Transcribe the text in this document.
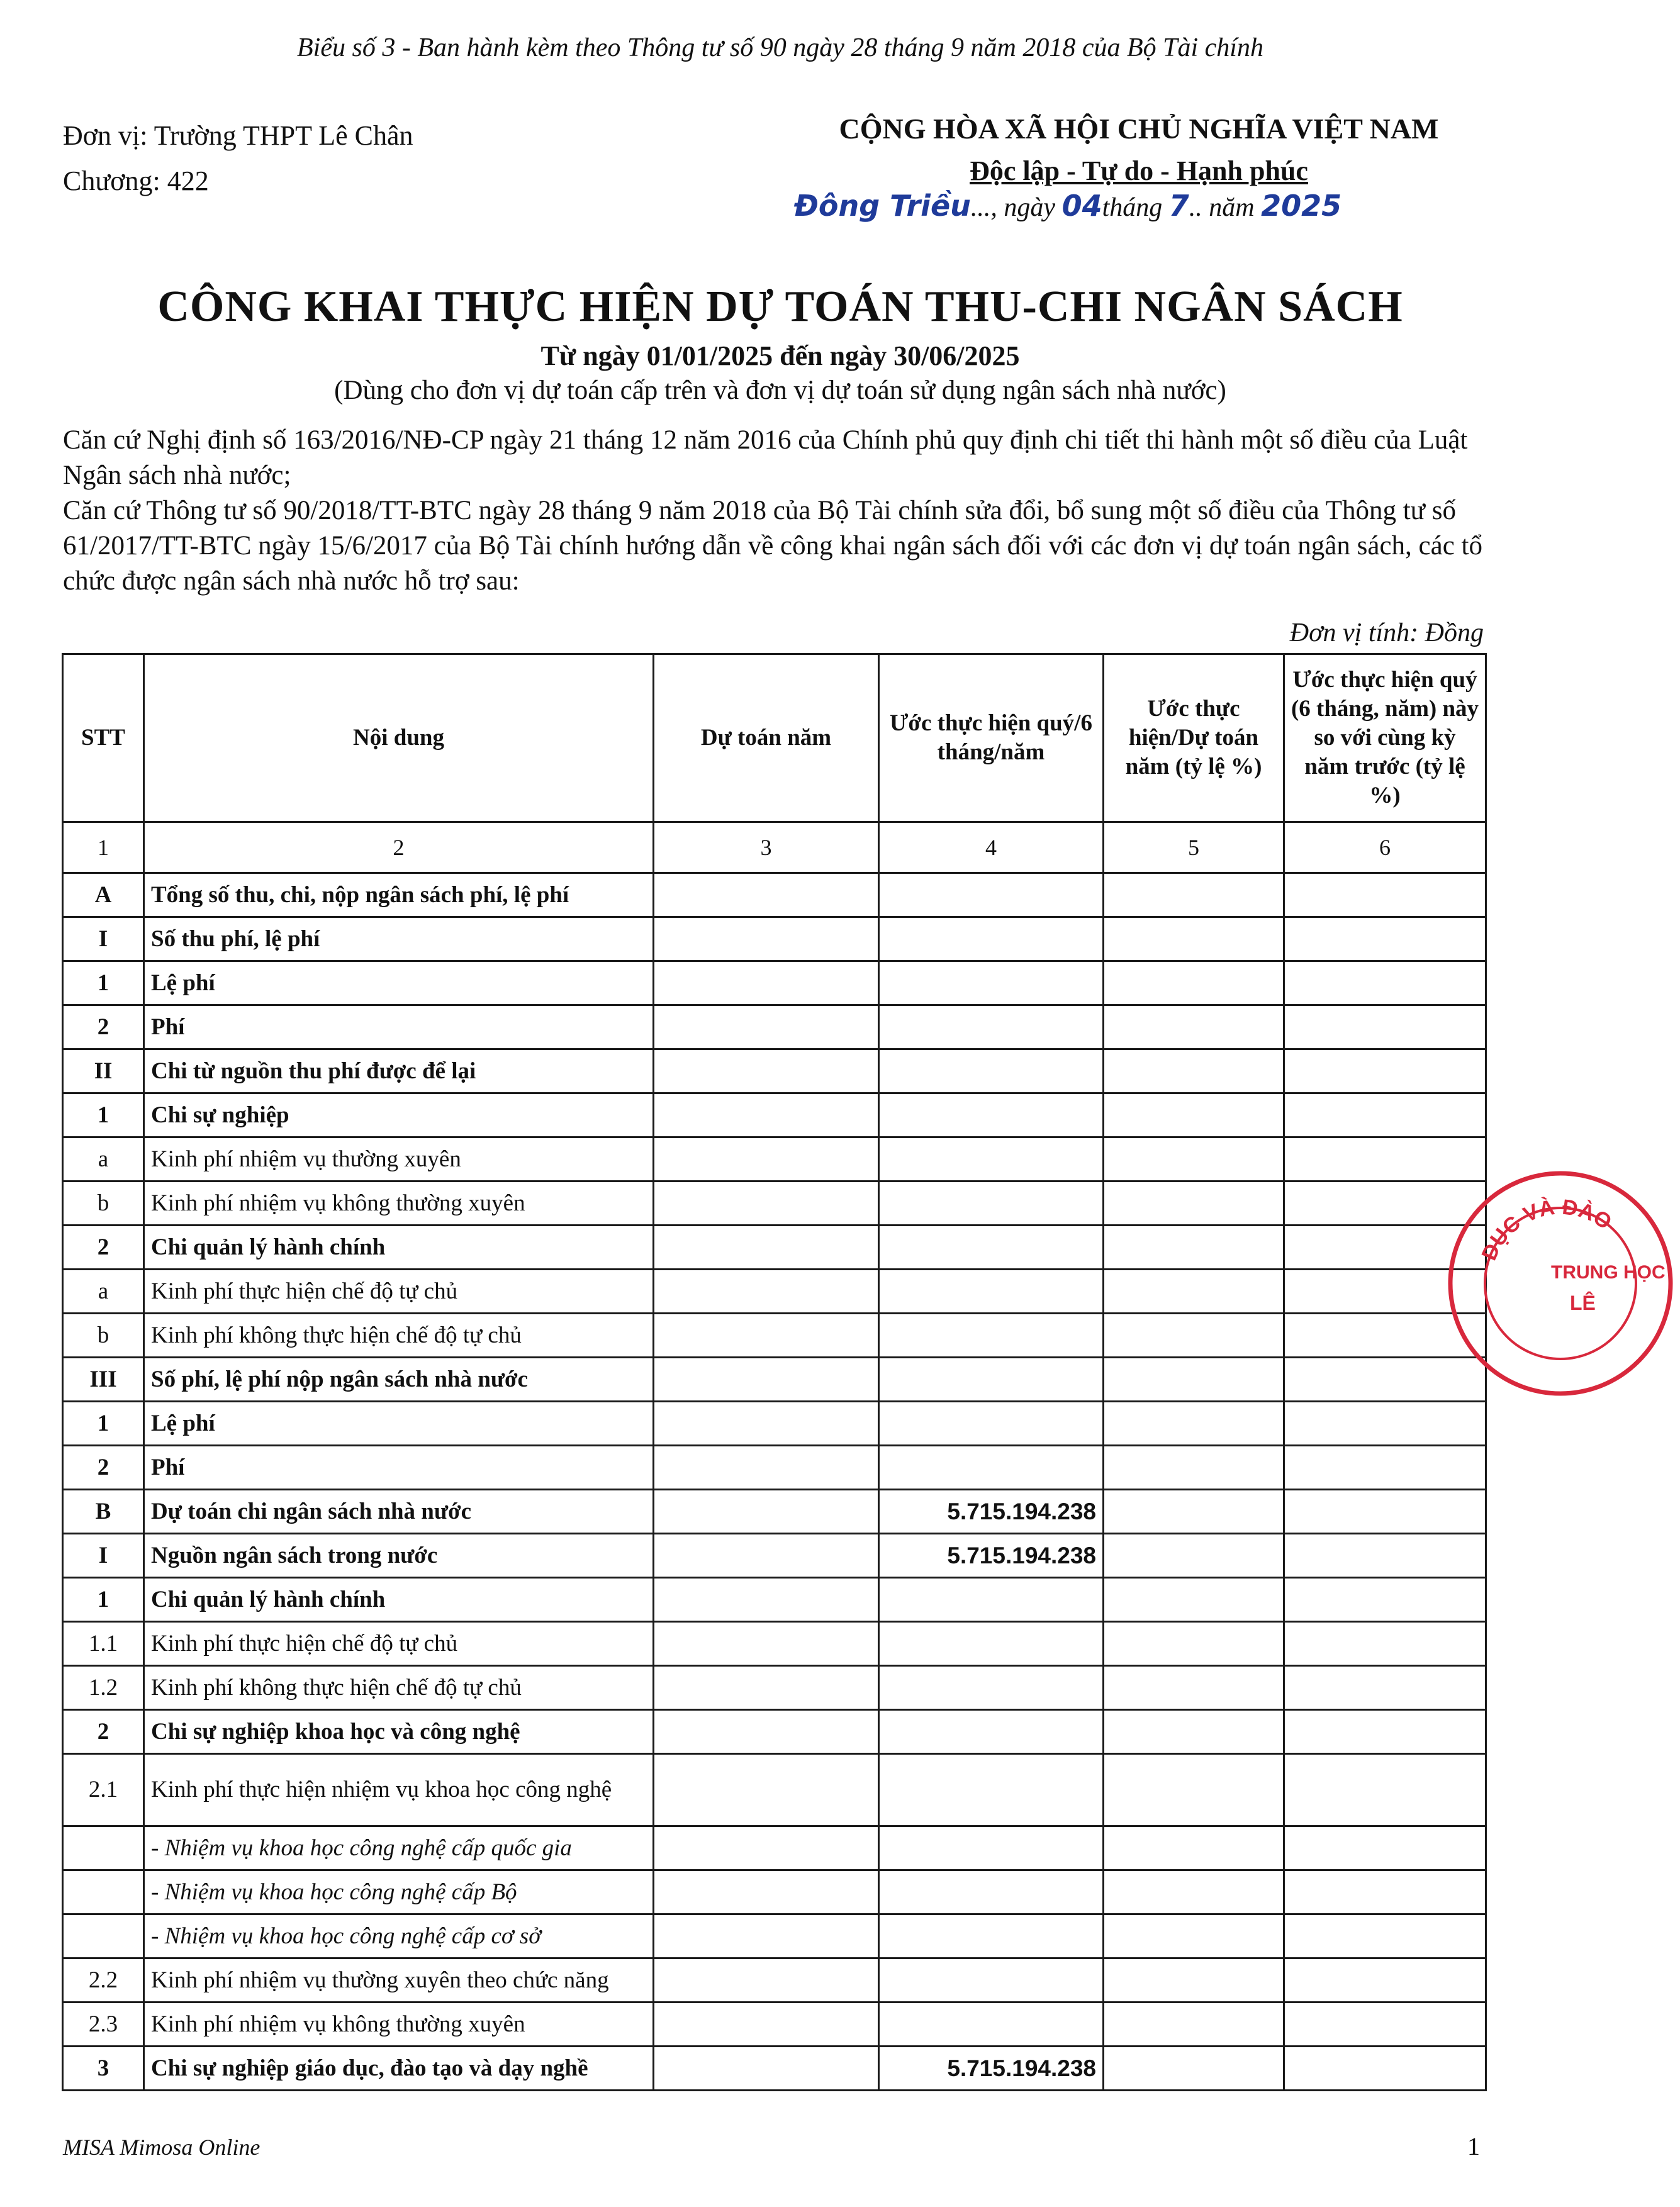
Biểu số 3 - Ban hành kèm theo Thông tư số 90 ngày 28 tháng 9 năm 2018 của Bộ Tài chính
Đơn vị: Trường THPT Lê Chân
Chương: 422
CỘNG HÒA XÃ HỘI CHỦ NGHĨA VIỆT NAM
Độc lập - Tự do - Hạnh phúc
Đông Triều..., ngày 04tháng 7.. năm 2025
CÔNG KHAI THỰC HIỆN DỰ TOÁN THU-CHI NGÂN SÁCH
Từ ngày 01/01/2025 đến ngày 30/06/2025
(Dùng cho đơn vị dự toán cấp trên và đơn vị dự toán sử dụng ngân sách nhà nước)

Căn cứ Nghị định số 163/2016/NĐ-CP ngày 21 tháng 12 năm 2016 của Chính phủ quy định chi tiết thi hành một số điều của Luật Ngân sách nhà nước;

Căn cứ Thông tư số 90/2018/TT-BTC ngày 28 tháng 9 năm 2018 của Bộ Tài chính sửa đổi, bổ sung một số điều của Thông tư số 61/2017/TT-BTC ngày 15/6/2017 của Bộ Tài chính hướng dẫn về công khai ngân sách đối với các đơn vị dự toán ngân sách, các tổ chức được ngân sách nhà nước hỗ trợ sau:

Đơn vị tính: Đồng
STT	Nội dung	Dự toán năm	Ước thực hiện quý/6 tháng/năm	Ước thực hiện/Dự toán năm (tỷ lệ %)	Ước thực hiện quý (6 tháng, năm) này so với cùng kỳ năm trước (tỷ lệ %)
1	2	3	4	5	6
A	Tổng số thu, chi, nộp ngân sách phí, lệ phí				
I	Số thu phí, lệ phí				
1	Lệ phí				
2	Phí				
II	Chi từ nguồn thu phí được để lại				
1	Chi sự nghiệp				
a	Kinh phí nhiệm vụ thường xuyên				
b	Kinh phí nhiệm vụ không thường xuyên				
2	Chi quản lý hành chính				
a	Kinh phí thực hiện chế độ tự chủ				
b	Kinh phí không thực hiện chế độ tự chủ				
III	Số phí, lệ phí nộp ngân sách nhà nước				
1	Lệ phí				
2	Phí				
B	Dự toán chi ngân sách nhà nước		5.715.194.238		
I	Nguồn ngân sách trong nước		5.715.194.238		
1	Chi quản lý hành chính				
1.1	Kinh phí thực hiện chế độ tự chủ				
1.2	Kinh phí không thực hiện chế độ tự chủ				
2	Chi sự nghiệp khoa học và công nghệ				
2.1	Kinh phí thực hiện nhiệm vụ khoa học công nghệ				
	- Nhiệm vụ khoa học công nghệ cấp quốc gia				
	- Nhiệm vụ khoa học công nghệ cấp Bộ				
	- Nhiệm vụ khoa học công nghệ cấp cơ sở				
2.2	Kinh phí nhiệm vụ thường xuyên theo chức năng				
2.3	Kinh phí nhiệm vụ không thường xuyên				
3	Chi sự nghiệp giáo dục, đào tạo và dạy nghề		5.715.194.238		
DỤC VÀ ĐÀO
TRUNG HỌC
LÊ
MISA Mimosa Online	1
